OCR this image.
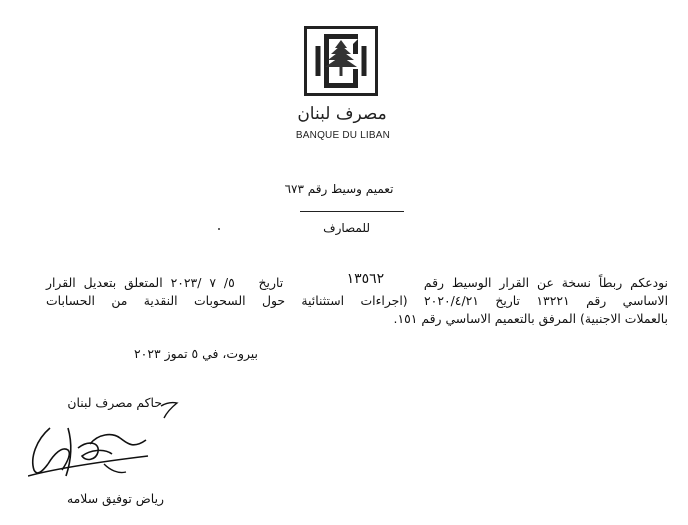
مصرف لبنان
BANQUE DU LIBAN
تعميم وسيط رقم ٦٧٣
للمصارف
نودعكم ربطاً نسخة عن القرار الوسيط رقم     ١٣٥٦٢        تاريخ   ٥/ ٧ /٢٠٢٣ المتعلق بتعديل القرار
الاساسي رقم ١٣٢٢١ تاريخ ٢٠٢٠/٤/٢١ (اجراءات استثنائية حول السحوبات النقدية من الحسابات
بالعملات الاجنبية) المرفق بالتعميم الاساسي رقم ١٥١.
بيروت، في ٥ تموز ٢٠٢٣
حاكم مصرف لبنان
رياض توفيق سلامه
